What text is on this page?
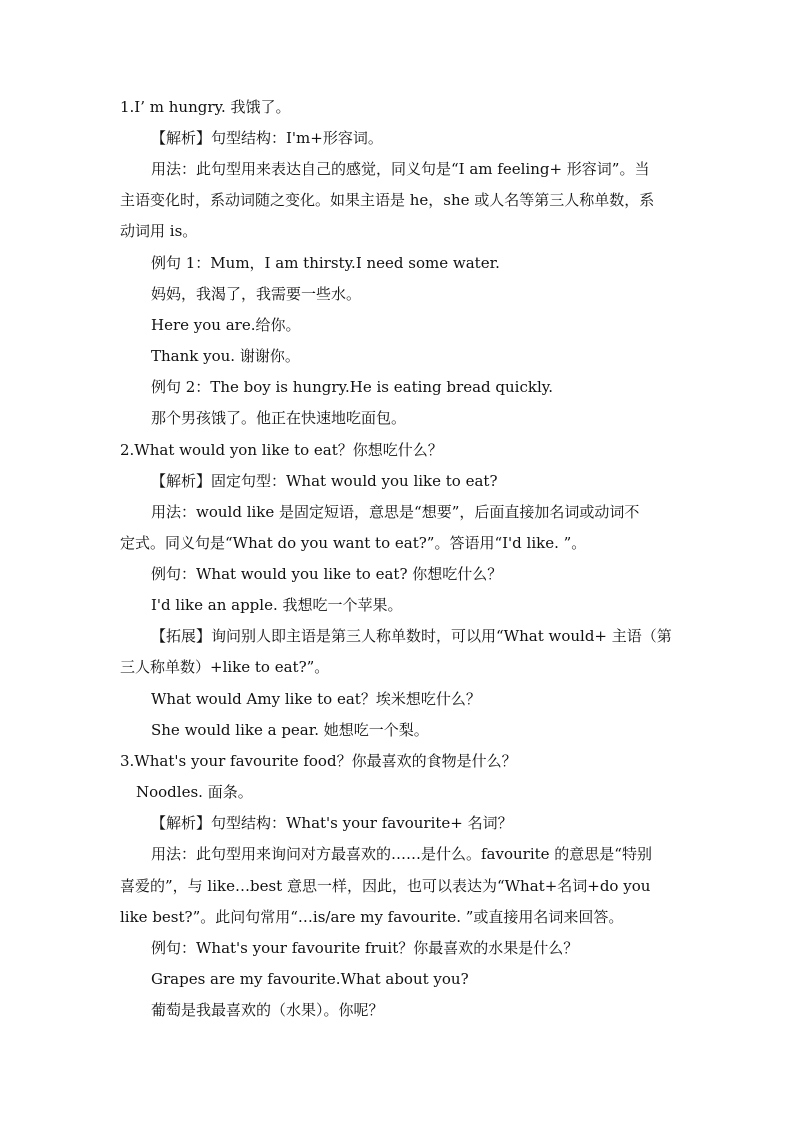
1.I’ m hungry. 我饿了。
【解析】句型结构：I'm+形容词。
用法：此句型用来表达自己的感觉，同义句是“I am feeling+ 形容词”。当
主语变化时，系动词随之变化。如果主语是 he，she 或人名等第三人称单数，系
动词用 is。
例句 1：Mum，I am thirsty.I need some water.
妈妈，我渴了，我需要一些水。
Here you are.给你。
Thank you. 谢谢你。
例句 2：The boy is hungry.He is eating bread quickly.
那个男孩饿了。他正在快速地吃面包。
2.What would yon like to eat？你想吃什么？
【解析】固定句型：What would you like to eat?
用法：would like 是固定短语，意思是“想要”，后面直接加名词或动词不
定式。同义句是“What do you want to eat?”。答语用“I'd like. ”。
例句：What would you like to eat? 你想吃什么？
I'd like an apple. 我想吃一个苹果。
【拓展】询问别人即主语是第三人称单数时，可以用“What would+ 主语（第
三人称单数）+like to eat?”。
What would Amy like to eat？埃米想吃什么？
She would like a pear. 她想吃一个梨。
3.What's your favourite food？你最喜欢的食物是什么？
Noodles. 面条。
【解析】句型结构：What's your favourite+ 名词？
用法：此句型用来询问对方最喜欢的……是什么。favourite 的意思是“特别
喜爱的”，与 like…best 意思一样，因此，也可以表达为“What+名词+do you
like best?”。此问句常用“…is/are my favourite. ”或直接用名词来回答。
例句：What's your favourite fruit？你最喜欢的水果是什么？
Grapes are my favourite.What about you?
葡萄是我最喜欢的（水果）。你呢？
